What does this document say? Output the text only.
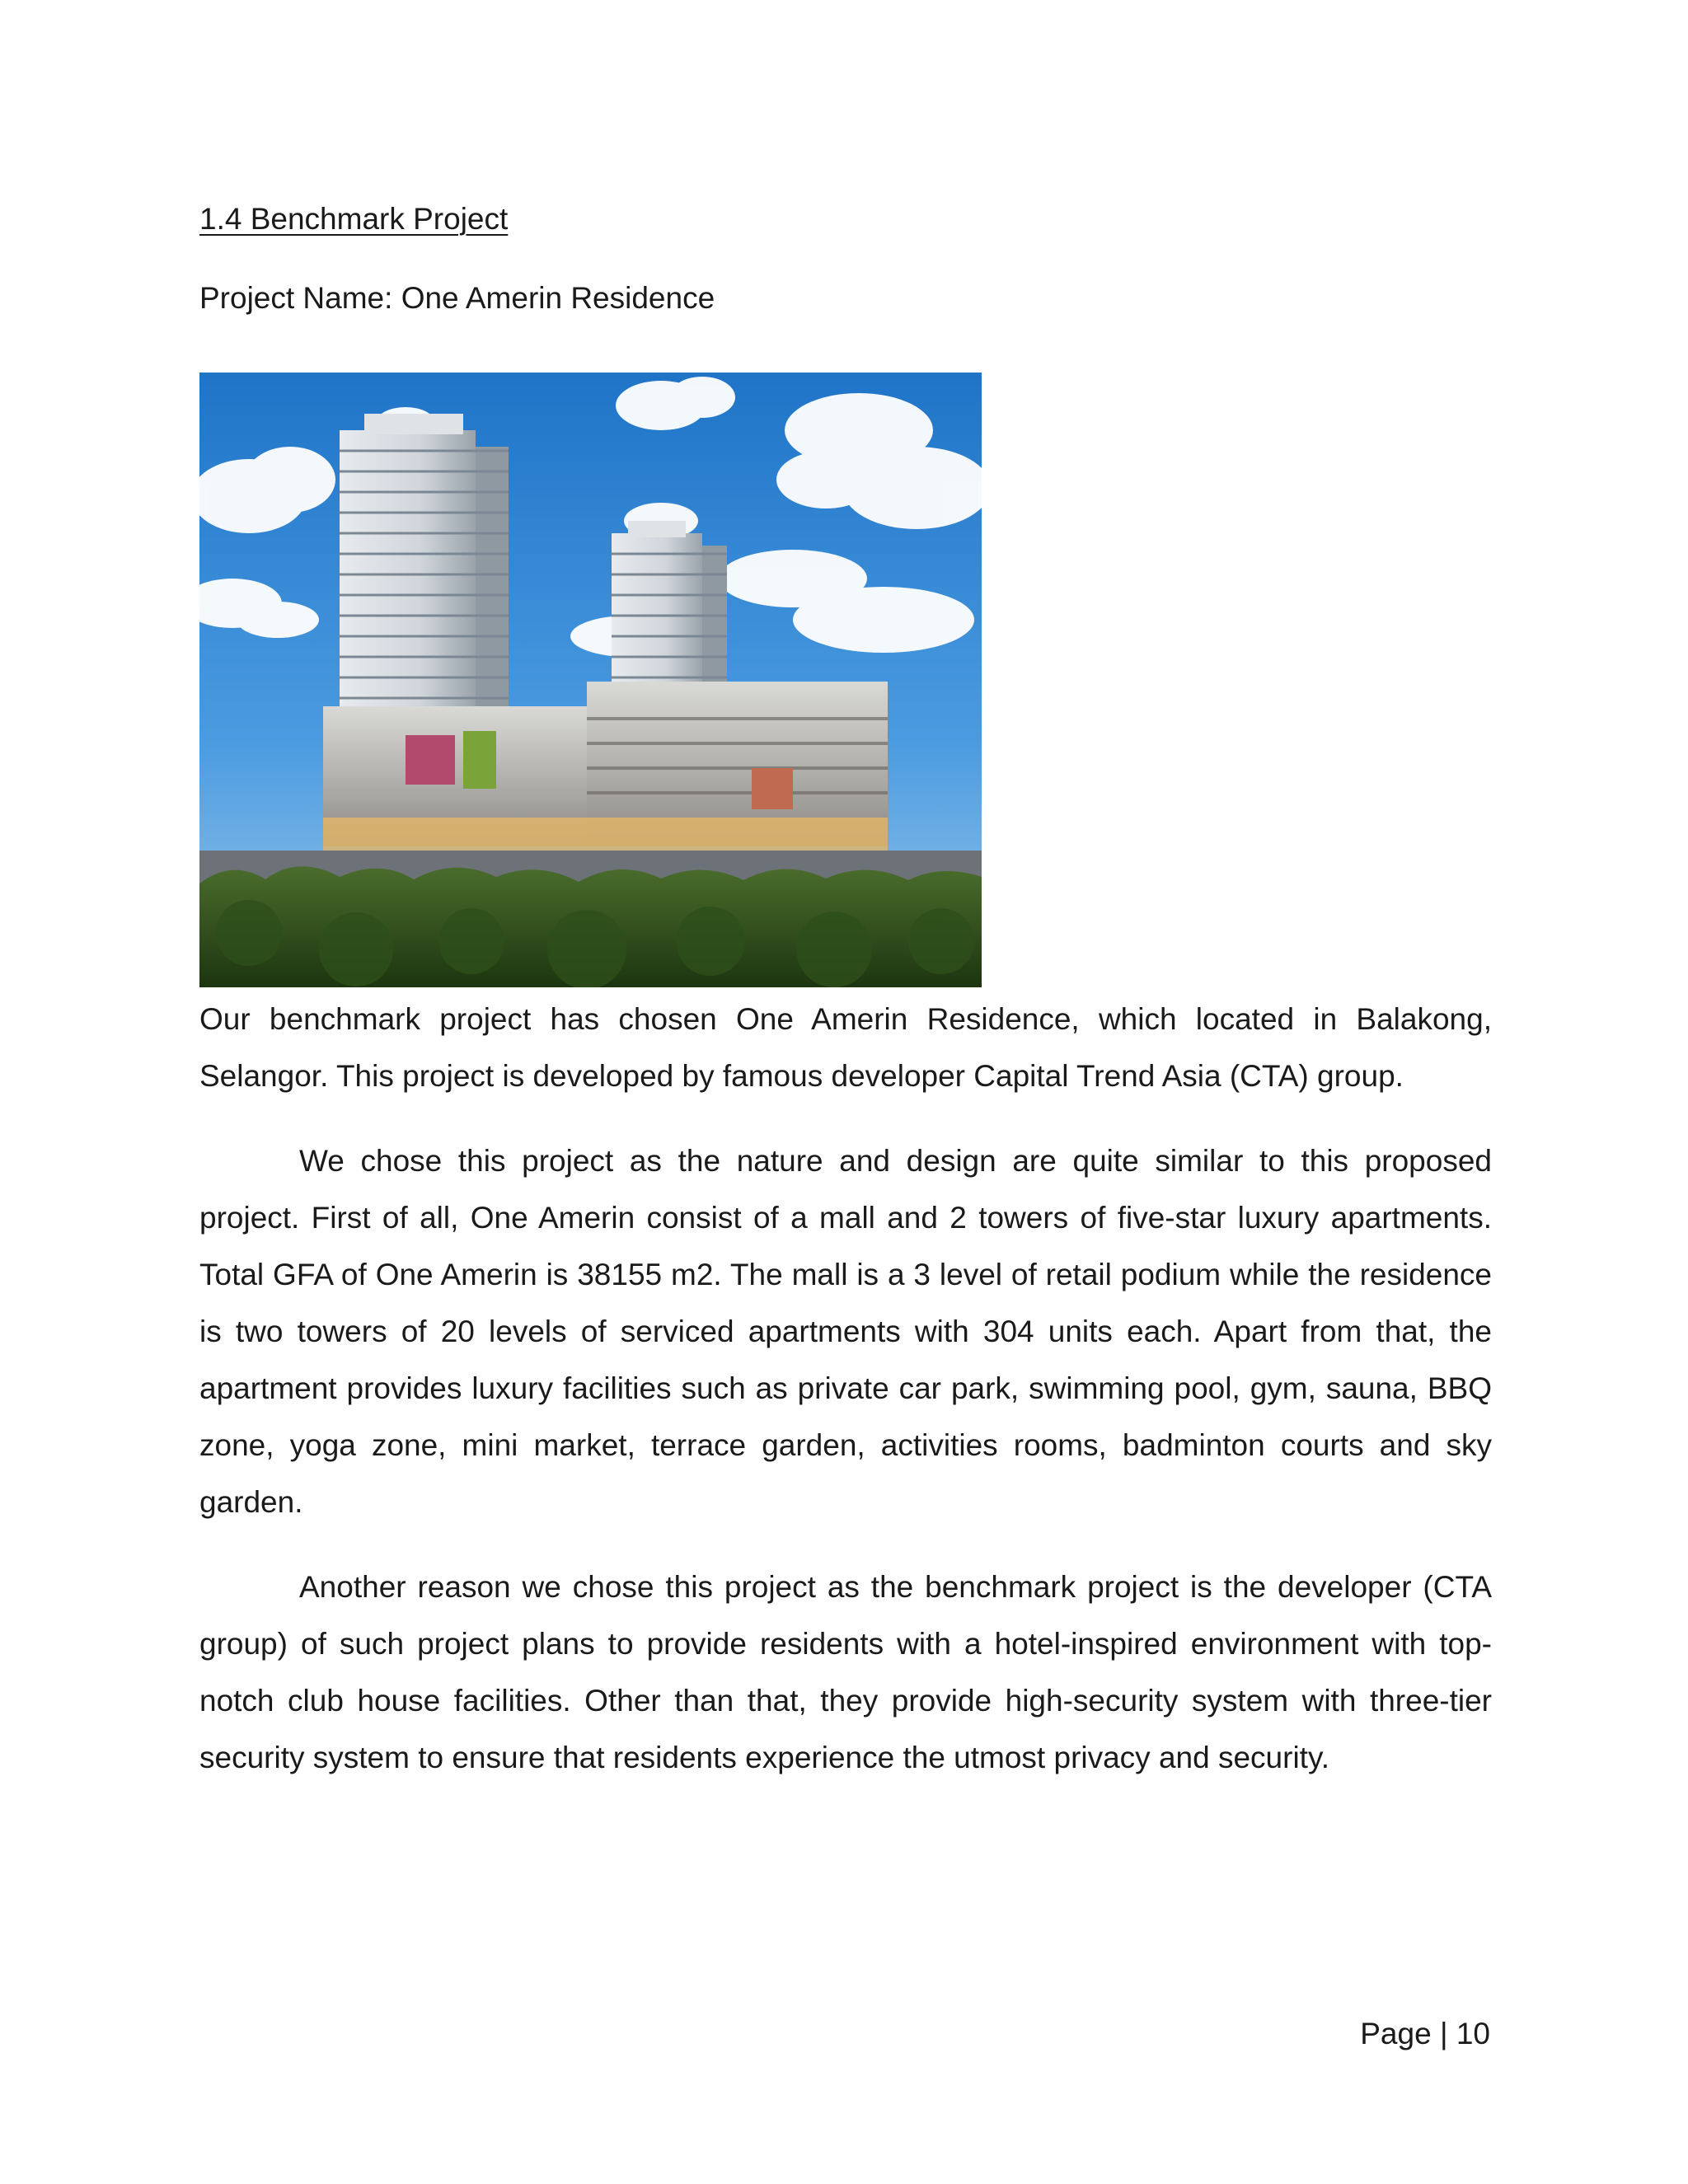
1.4 Benchmark Project

Project Name: One Amerin Residence

Our benchmark project has chosen One Amerin Residence, which located in Balakong, Selangor. This project is developed by famous developer Capital Trend Asia (CTA) group.

We chose this project as the nature and design are quite similar to this proposed project. First of all, One Amerin consist of a mall and 2 towers of five-star luxury apartments. Total GFA of One Amerin is 38155 m2. The mall is a 3 level of retail podium while the residence is two towers of 20 levels of serviced apartments with 304 units each. Apart from that, the apartment provides luxury facilities such as private car park, swimming pool, gym, sauna, BBQ zone, yoga zone, mini market, terrace garden, activities rooms, badminton courts and sky garden.

Another reason we chose this project as the benchmark project is the developer (CTA group) of such project plans to provide residents with a hotel-inspired environment with top-notch club house facilities. Other than that, they provide high-security system with three-tier security system to ensure that residents experience the utmost privacy and security.

Page | 10
